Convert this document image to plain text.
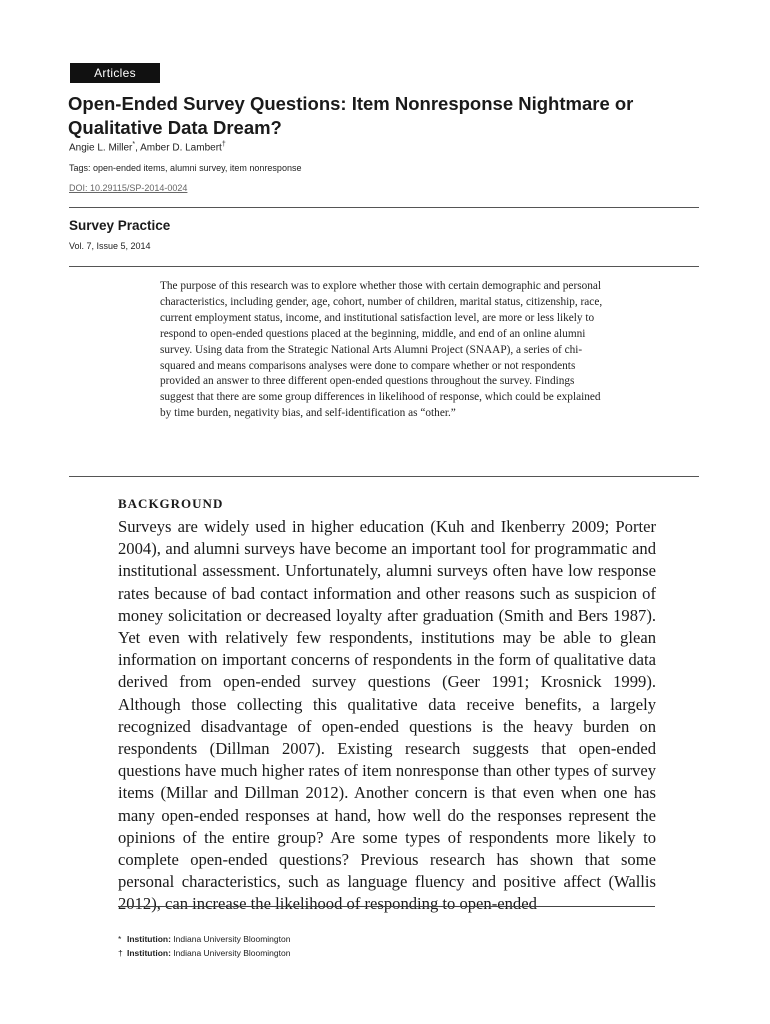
Articles
Open-Ended Survey Questions: Item Nonresponse Nightmare or Qualitative Data Dream?
Angie L. Miller*, Amber D. Lambert†
Tags: open-ended items, alumni survey, item nonresponse
DOI: 10.29115/SP-2014-0024
Survey Practice
Vol. 7, Issue 5, 2014
The purpose of this research was to explore whether those with certain demographic and personal characteristics, including gender, age, cohort, number of children, marital status, citizenship, race, current employment status, income, and institutional satisfaction level, are more or less likely to respond to open-ended questions placed at the beginning, middle, and end of an online alumni survey. Using data from the Strategic National Arts Alumni Project (SNAAP), a series of chi-squared and means comparisons analyses were done to compare whether or not respondents provided an answer to three different open-ended questions throughout the survey. Findings suggest that there are some group differences in likelihood of response, which could be explained by time burden, negativity bias, and self-identification as “other.”
BACKGROUND
Surveys are widely used in higher education (Kuh and Ikenberry 2009; Porter 2004), and alumni surveys have become an important tool for programmatic and institutional assessment. Unfortunately, alumni surveys often have low response rates because of bad contact information and other reasons such as suspicion of money solicitation or decreased loyalty after graduation (Smith and Bers 1987). Yet even with relatively few respondents, institutions may be able to glean information on important concerns of respondents in the form of qualitative data derived from open-ended survey questions (Geer 1991; Krosnick 1999). Although those collecting this qualitative data receive benefits, a largely recognized disadvantage of open-ended questions is the heavy burden on respondents (Dillman 2007). Existing research suggests that open-ended questions have much higher rates of item nonresponse than other types of survey items (Millar and Dillman 2012). Another concern is that even when one has many open-ended responses at hand, how well do the responses represent the opinions of the entire group? Are some types of respondents more likely to complete open-ended questions? Previous research has shown that some personal characteristics, such as language fluency and positive affect (Wallis 2012), can increase the likelihood of responding to open-ended
* Institution: Indiana University Bloomington
† Institution: Indiana University Bloomington
